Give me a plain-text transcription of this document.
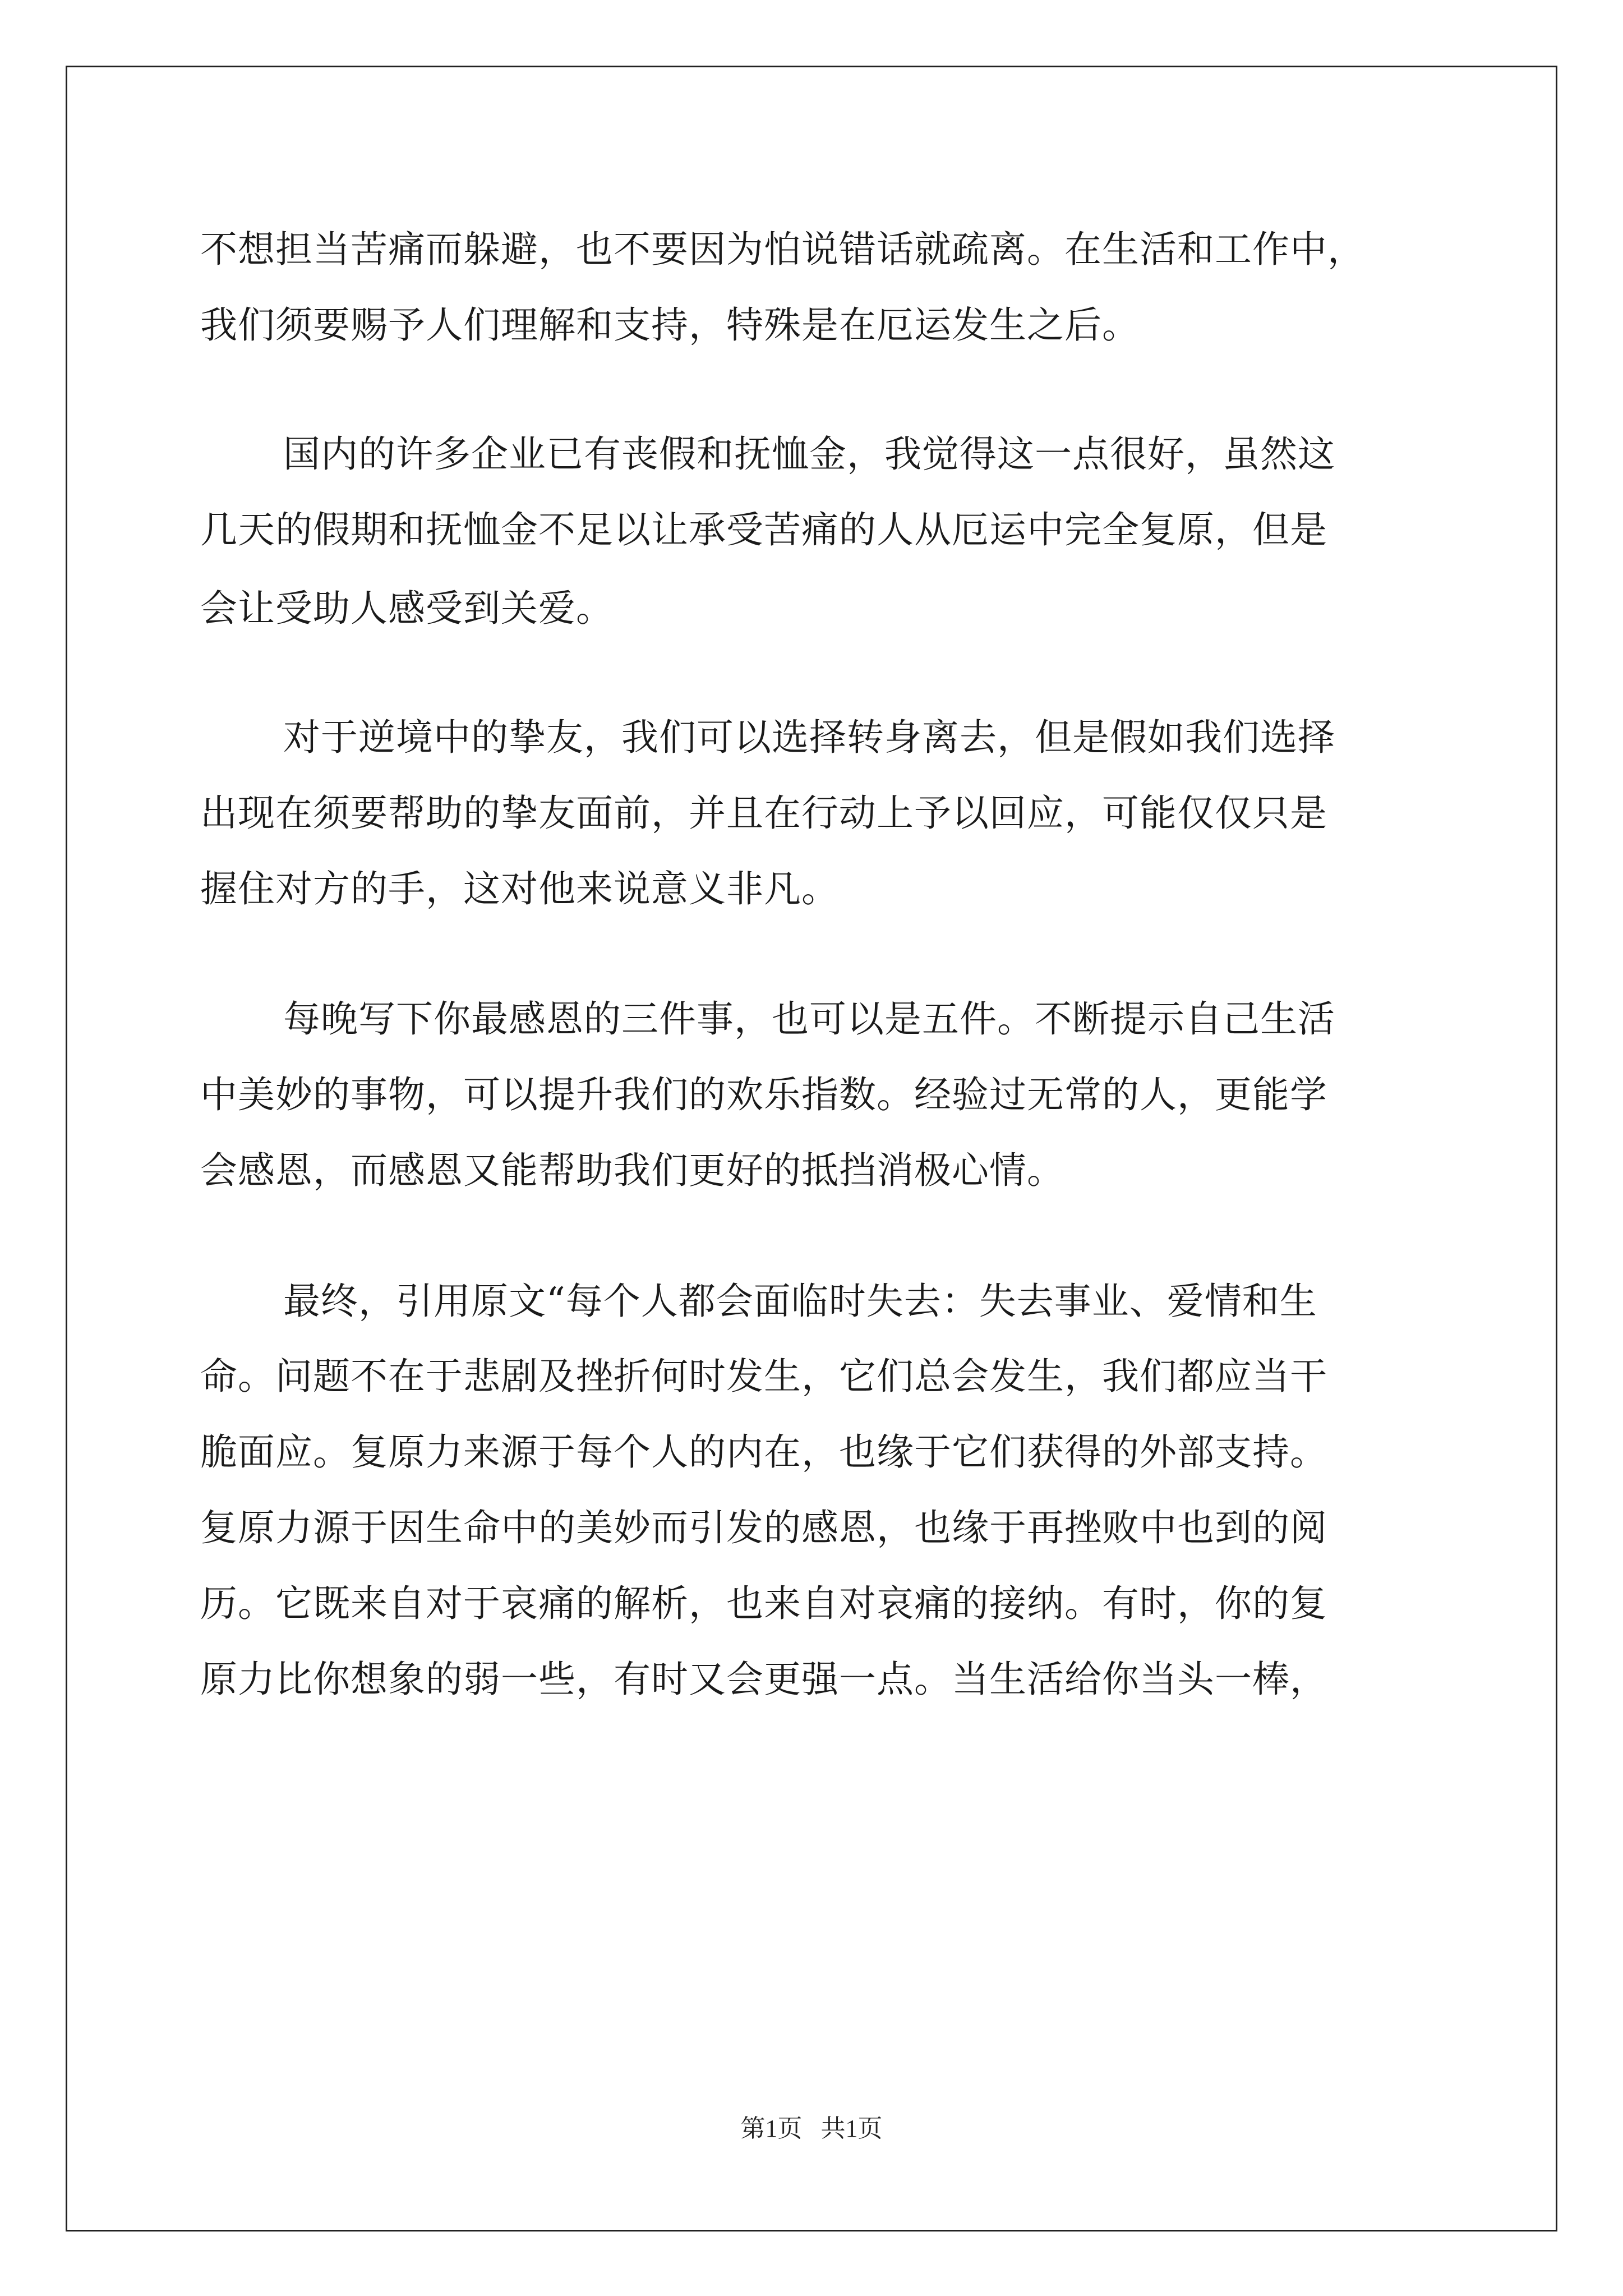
不想担当苦痛而躲避，也不要因为怕说错话就疏离。在生活和工作中，
我们须要赐予人们理解和支持，特殊是在厄运发生之后。
国内的许多企业已有丧假和抚恤金，我觉得这一点很好，虽然这
几天的假期和抚恤金不足以让承受苦痛的人从厄运中完全复原，但是
会让受助人感受到关爱。
对于逆境中的挚友，我们可以选择转身离去，但是假如我们选择
出现在须要帮助的挚友面前，并且在行动上予以回应，可能仅仅只是
握住对方的手，这对他来说意义非凡。
每晚写下你最感恩的三件事，也可以是五件。不断提示自己生活
中美妙的事物，可以提升我们的欢乐指数。经验过无常的人，更能学
会感恩，而感恩又能帮助我们更好的抵挡消极心情。
最终，引用原文“每个人都会面临时失去：失去事业、爱情和生
命。问题不在于悲剧及挫折何时发生，它们总会发生，我们都应当干
脆面应。复原力来源于每个人的内在，也缘于它们获得的外部支持。
复原力源于因生命中的美妙而引发的感恩，也缘于再挫败中也到的阅
历。它既来自对于哀痛的解析，也来自对哀痛的接纳。有时，你的复
原力比你想象的弱一些，有时又会更强一点。当生活给你当头一棒，
第1页 共1页
